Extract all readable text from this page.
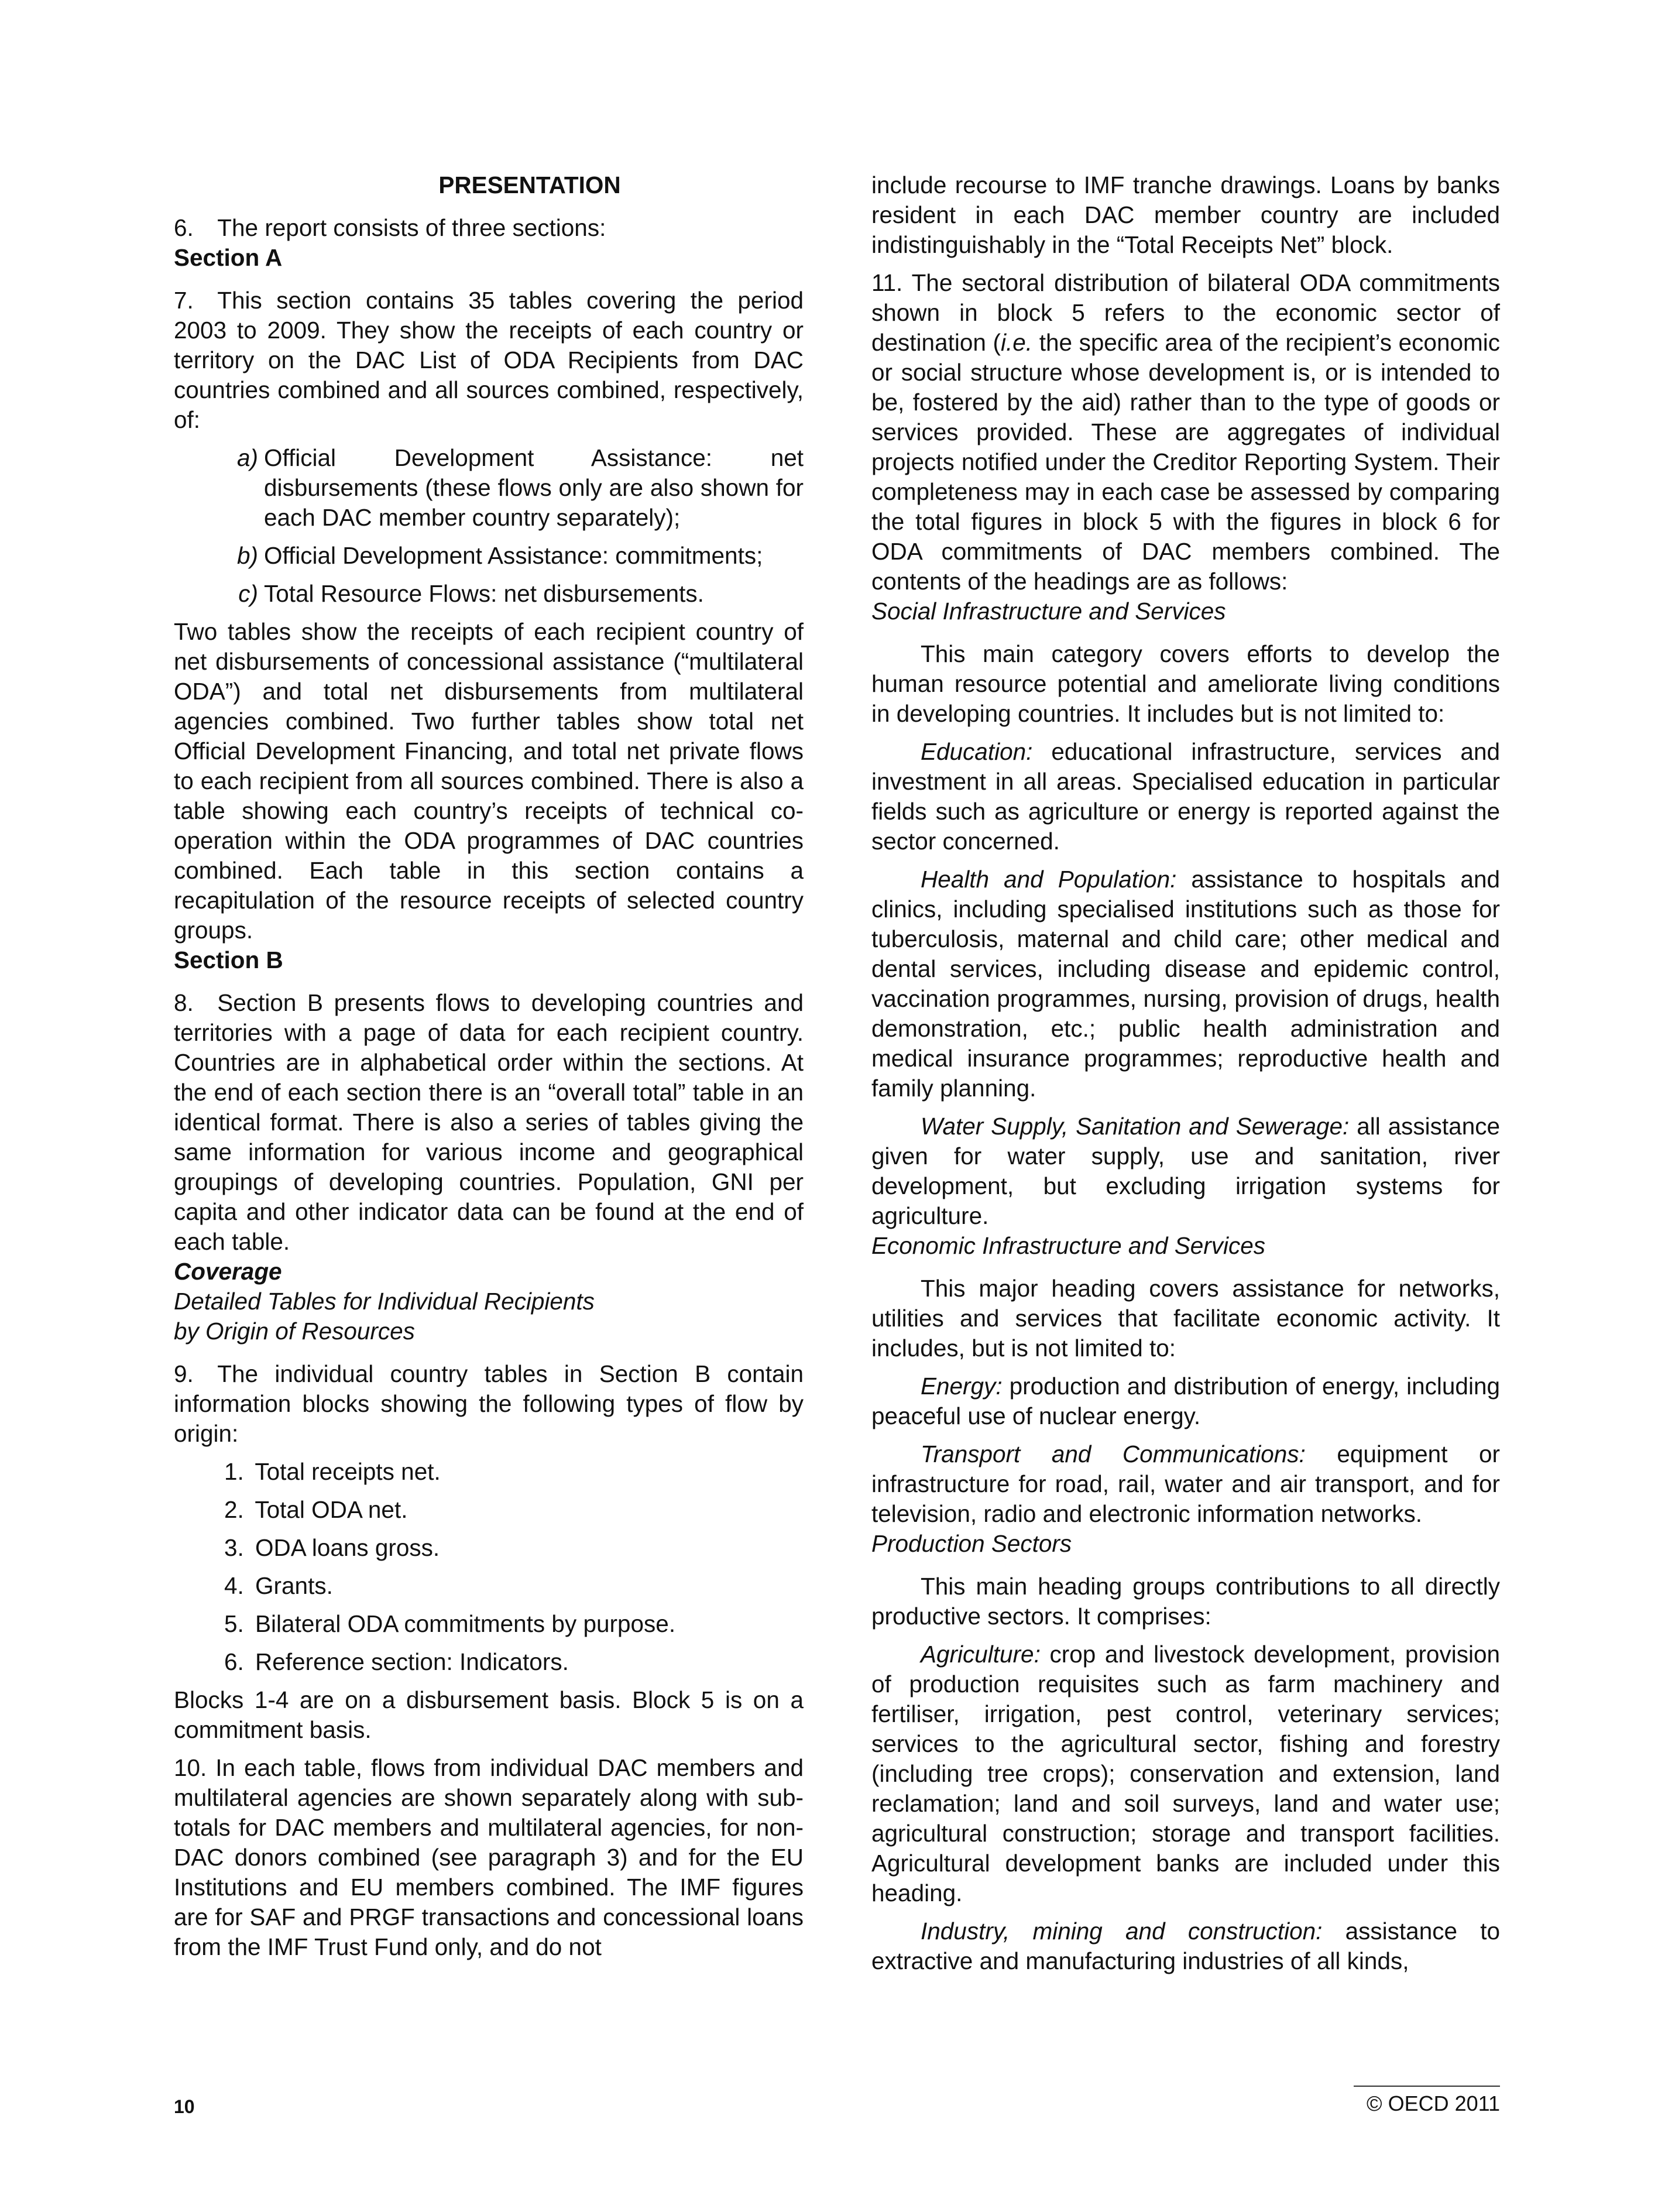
PRESENTATION

6. The report consists of three sections:

Section A

7. This section contains 35 tables covering the period 2003 to 2009. They show the receipts of each country or territory on the DAC List of ODA Recipients from DAC countries combined and all sources combined, respectively, of:

a) Official Development Assistance: net disbursements (these flows only are also shown for each DAC member country separately);
b) Official Development Assistance: commitments;
c) Total Resource Flows: net disbursements.

Two tables show the receipts of each recipient country of net disbursements of concessional assistance (“multilateral ODA”) and total net disbursements from multilateral agencies combined. Two further tables show total net Official Development Financing, and total net private flows to each recipient from all sources combined. There is also a table showing each country’s receipts of technical co-operation within the ODA programmes of DAC countries combined. Each table in this section contains a recapitulation of the resource receipts of selected country groups.

Section B

8. Section B presents flows to developing countries and territories with a page of data for each recipient country. Countries are in alphabetical order within the sections. At the end of each section there is an “overall total” table in an identical format. There is also a series of tables giving the same information for various income and geographical groupings of developing countries. Population, GNI per capita and other indicator data can be found at the end of each table.

Coverage

Detailed Tables for Individual Recipients

by Origin of Resources

9. The individual country tables in Section B contain information blocks showing the following types of flow by origin:

1. Total receipts net.
2. Total ODA net.
3. ODA loans gross.
4. Grants.
5. Bilateral ODA commitments by purpose.
6. Reference section: Indicators.

Blocks 1-4 are on a disbursement basis. Block 5 is on a commitment basis.

10. In each table, flows from individual DAC members and multilateral agencies are shown separately along with sub-totals for DAC members and multilateral agencies, for non-DAC donors combined (see paragraph 3) and for the EU Institutions and EU members combined. The IMF figures are for SAF and PRGF transactions and concessional loans from the IMF Trust Fund only, and do not

include recourse to IMF tranche drawings. Loans by banks resident in each DAC member country are included indistinguishably in the “Total Receipts Net” block.

11. The sectoral distribution of bilateral ODA commitments shown in block 5 refers to the economic sector of destination (i.e. the specific area of the recipient’s economic or social structure whose development is, or is intended to be, fostered by the aid) rather than to the type of goods or services provided. These are aggregates of individual projects notified under the Creditor Reporting System. Their completeness may in each case be assessed by comparing the total figures in block 5 with the figures in block 6 for ODA commitments of DAC members combined. The contents of the headings are as follows:

Social Infrastructure and Services

This main category covers efforts to develop the human resource potential and ameliorate living conditions in developing countries. It includes but is not limited to:

Education: educational infrastructure, services and investment in all areas. Specialised education in particular fields such as agriculture or energy is reported against the sector concerned.

Health and Population: assistance to hospitals and clinics, including specialised institutions such as those for tuberculosis, maternal and child care; other medical and dental services, including disease and epidemic control, vaccination programmes, nursing, provision of drugs, health demonstration, etc.; public health administration and medical insurance programmes; reproductive health and family planning.

Water Supply, Sanitation and Sewerage: all assistance given for water supply, use and sanitation, river development, but excluding irrigation systems for agriculture.

Economic Infrastructure and Services

This major heading covers assistance for networks, utilities and services that facilitate economic activity. It includes, but is not limited to:

Energy: production and distribution of energy, including peaceful use of nuclear energy.

Transport and Communications: equipment or infrastructure for road, rail, water and air transport, and for television, radio and electronic information networks.

Production Sectors

This main heading groups contributions to all directly productive sectors. It comprises:

Agriculture: crop and livestock development, provision of production requisites such as farm machinery and fertiliser, irrigation, pest control, veterinary services; services to the agricultural sector, fishing and forestry (including tree crops); conservation and extension, land reclamation; land and soil surveys, land and water use; agricultural construction; storage and transport facilities. Agricultural development banks are included under this heading.

Industry, mining and construction: assistance to extractive and manufacturing industries of all kinds,

10	© OECD 2011
